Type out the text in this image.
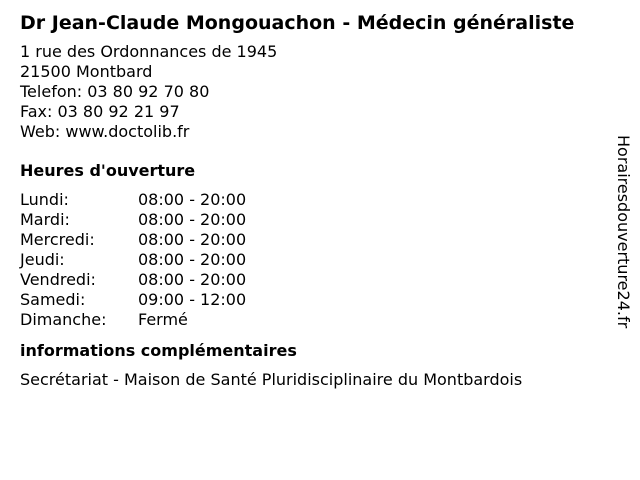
Dr Jean-Claude Mongouachon - Médecin généraliste
1 rue des Ordonnances de 1945
21500 Montbard
Telefon: 03 80 92 70 80
Fax: 03 80 92 21 97
Web: www.doctolib.fr
Heures d'ouverture
Lundi:	08:00 - 20:00
Mardi:	08:00 - 20:00
Mercredi:	08:00 - 20:00
Jeudi:	08:00 - 20:00
Vendredi:	08:00 - 20:00
Samedi:	09:00 - 12:00
Dimanche:	Fermé
informations complémentaires
Secrétariat - Maison de Santé Pluridisciplinaire du Montbardois
Horairesdouverture24.fr
